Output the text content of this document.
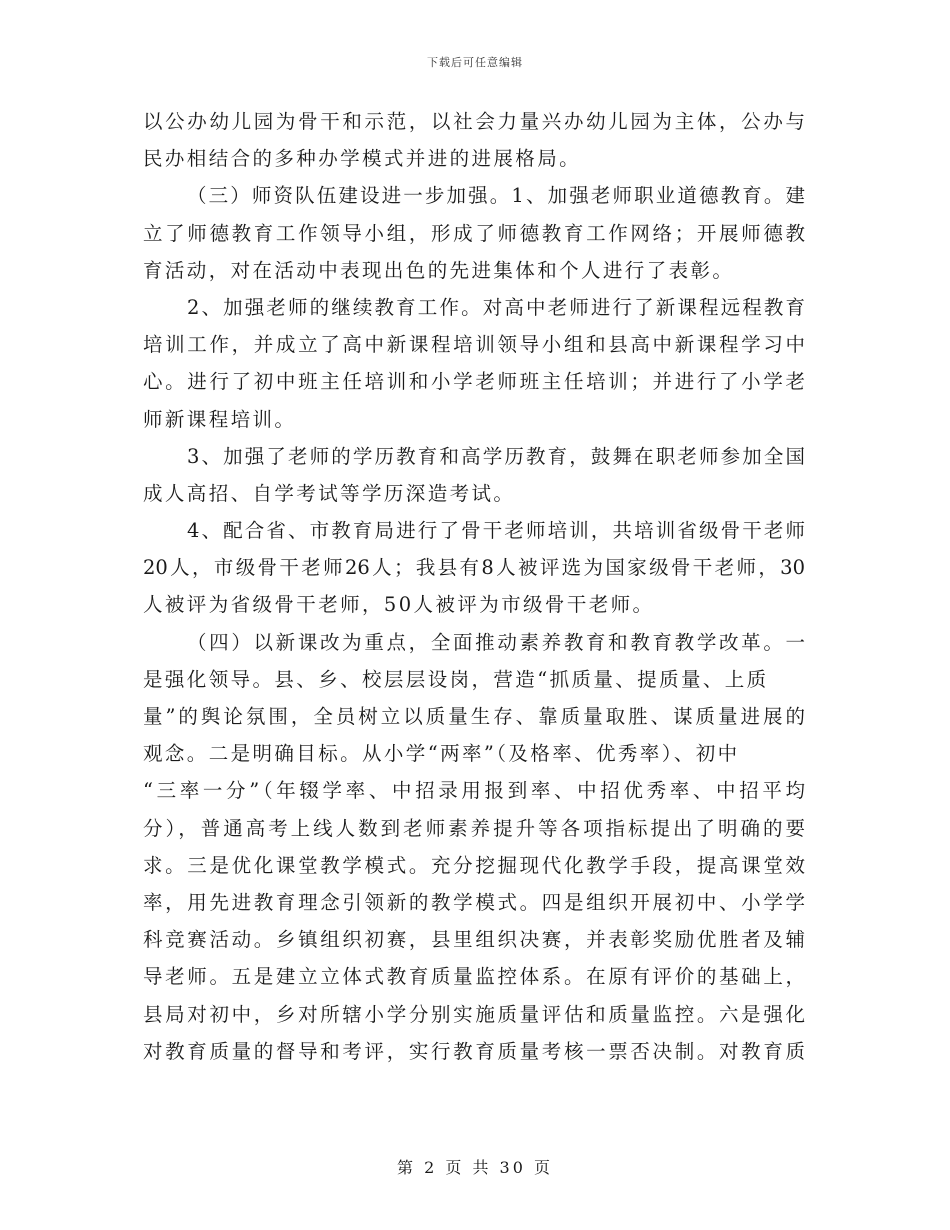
下载后可任意编辑
以公办幼儿园为骨干和示范，以社会力量兴办幼儿园为主体，公办与
民办相结合的多种办学模式并进的进展格局。
（三）师资队伍建设进一步加强。1、加强老师职业道德教育。建
立了师德教育工作领导小组，形成了师德教育工作网络；开展师德教
育活动，对在活动中表现出色的先进集体和个人进行了表彰。
2、加强老师的继续教育工作。对高中老师进行了新课程远程教育
培训工作，并成立了高中新课程培训领导小组和县高中新课程学习中
心。进行了初中班主任培训和小学老师班主任培训；并进行了小学老
师新课程培训。
3、加强了老师的学历教育和高学历教育，鼓舞在职老师参加全国
成人高招、自学考试等学历深造考试。
4、配合省、市教育局进行了骨干老师培训，共培训省级骨干老师
20人，市级骨干老师26人；我县有8人被评选为国家级骨干老师，30
人被评为省级骨干老师，50人被评为市级骨干老师。
（四）以新课改为重点，全面推动素养教育和教育教学改革。一
是强化领导。县、乡、校层层设岗，营造“抓质量、提质量、上质
量”的舆论氛围，全员树立以质量生存、靠质量取胜、谋质量进展的
观念。二是明确目标。从小学“两率”（及格率、优秀率）、初中
“三率一分”（年辍学率、中招录用报到率、中招优秀率、中招平均
分），普通高考上线人数到老师素养提升等各项指标提出了明确的要
求。三是优化课堂教学模式。充分挖掘现代化教学手段，提高课堂效
率，用先进教育理念引领新的教学模式。四是组织开展初中、小学学
科竞赛活动。乡镇组织初赛，县里组织决赛，并表彰奖励优胜者及辅
导老师。五是建立立体式教育质量监控体系。在原有评价的基础上，
县局对初中，乡对所辖小学分别实施质量评估和质量监控。六是强化
对教育质量的督导和考评，实行教育质量考核一票否决制。对教育质
第 2 页 共 30 页
